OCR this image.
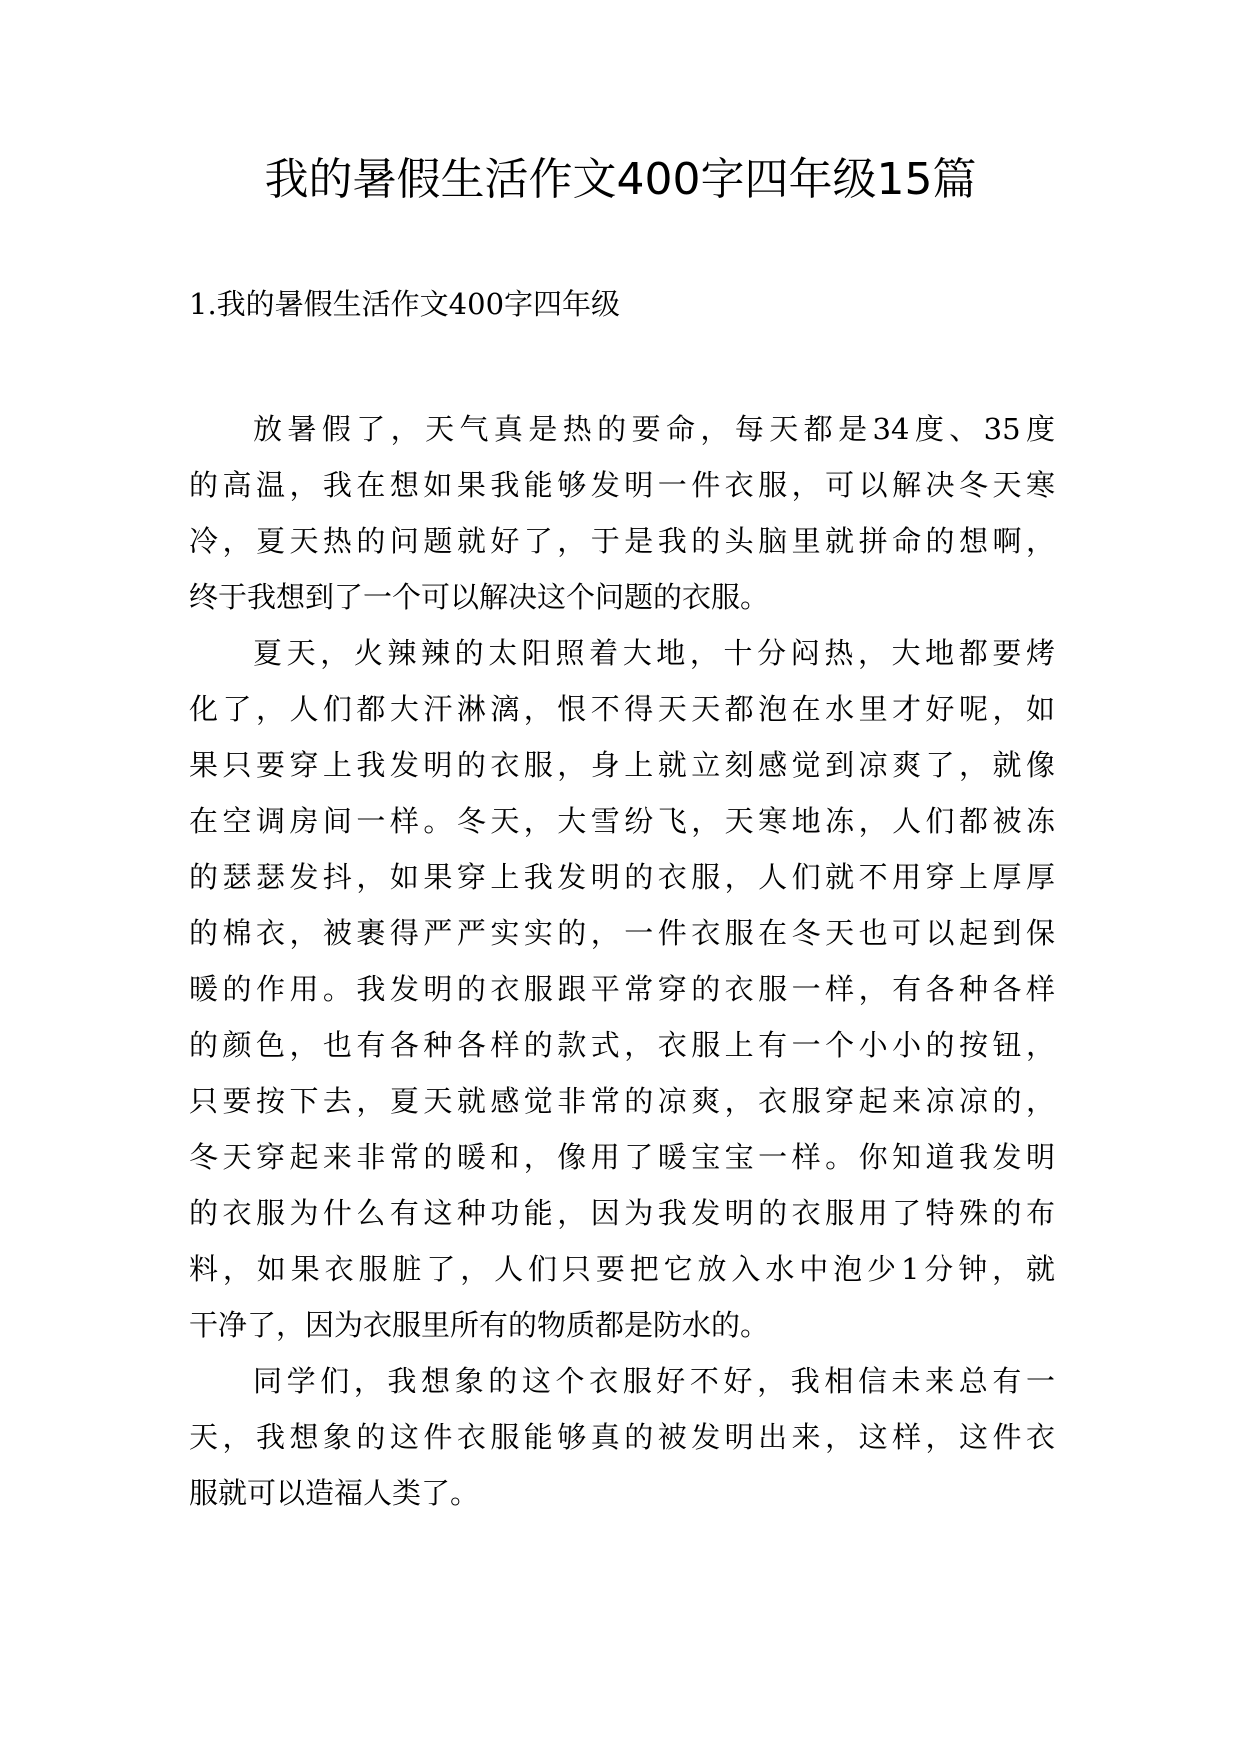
我的暑假生活作文400字四年级15篇

1.我的暑假生活作文400字四年级

放暑假了，天气真是热的要命，每天都是34度、35度
的高温，我在想如果我能够发明一件衣服，可以解决冬天寒
冷，夏天热的问题就好了，于是我的头脑里就拼命的想啊，
终于我想到了一个可以解决这个问题的衣服。

夏天，火辣辣的太阳照着大地，十分闷热，大地都要烤
化了，人们都大汗淋漓，恨不得天天都泡在水里才好呢，如
果只要穿上我发明的衣服，身上就立刻感觉到凉爽了，就像
在空调房间一样。冬天，大雪纷飞，天寒地冻，人们都被冻
的瑟瑟发抖，如果穿上我发明的衣服，人们就不用穿上厚厚
的棉衣，被裹得严严实实的，一件衣服在冬天也可以起到保
暖的作用。我发明的衣服跟平常穿的衣服一样，有各种各样
的颜色，也有各种各样的款式，衣服上有一个小小的按钮，
只要按下去，夏天就感觉非常的凉爽，衣服穿起来凉凉的，
冬天穿起来非常的暖和，像用了暖宝宝一样。你知道我发明
的衣服为什么有这种功能，因为我发明的衣服用了特殊的布
料，如果衣服脏了，人们只要把它放入水中泡少1分钟，就
干净了，因为衣服里所有的物质都是防水的。

同学们，我想象的这个衣服好不好，我相信未来总有一
天，我想象的这件衣服能够真的被发明出来，这样，这件衣
服就可以造福人类了。
